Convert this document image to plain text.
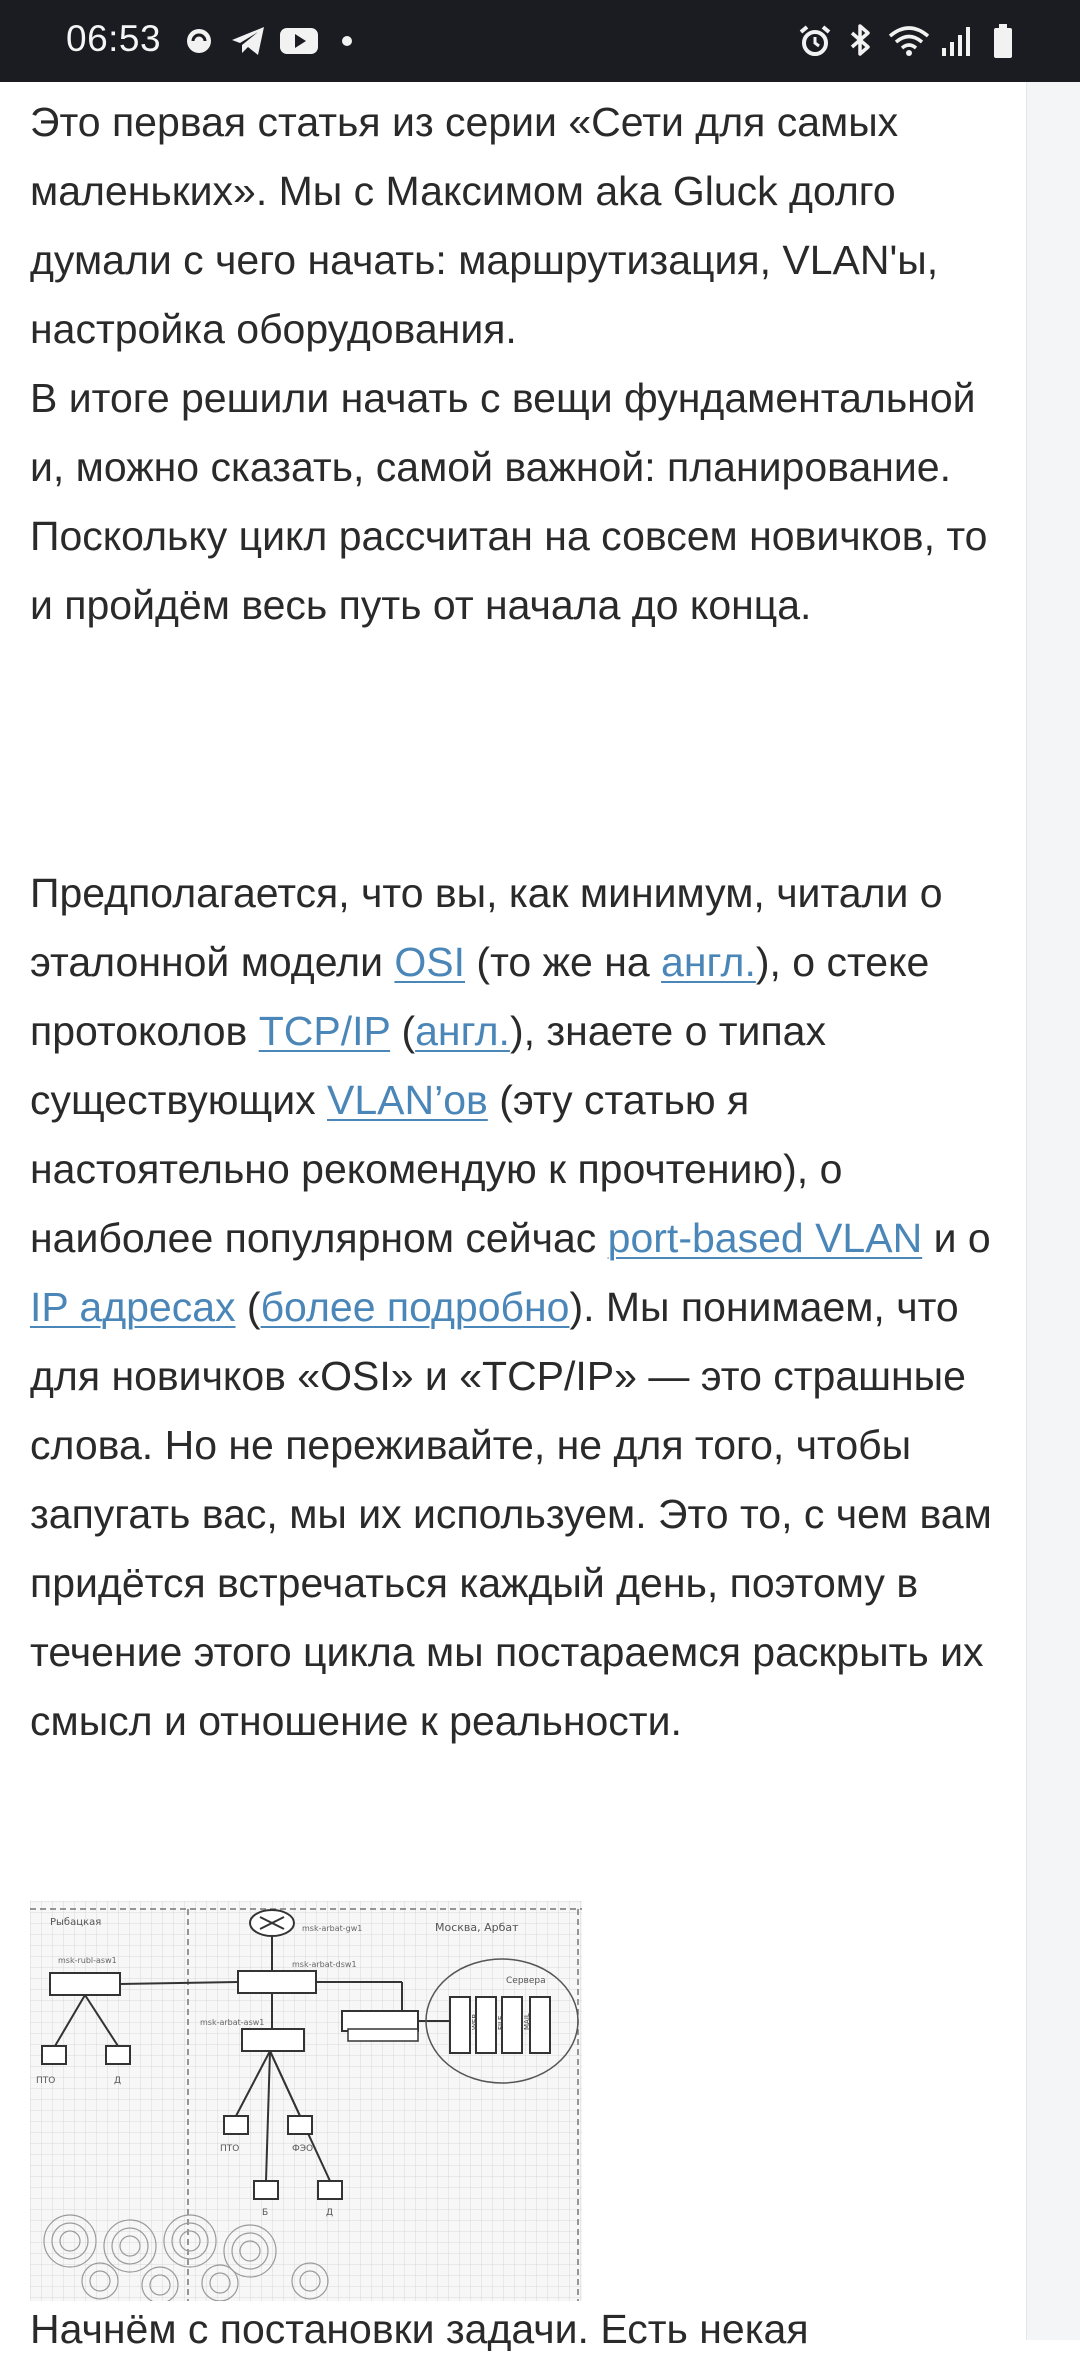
06:53
Это первая статья из серии «Сети для самых маленьких». Мы с Максимом aka Gluck долго думали с чего начать: маршрутизация, VLAN'ы, настройка оборудования.
В итоге решили начать с вещи фундаментальной и, можно сказать, самой важной: планирование. Поскольку цикл рассчитан на совсем новичков, то и пройдём весь путь от начала до конца.

Предполагается, что вы, как минимум, читали о эталонной модели OSI (то же на англ.), о стеке протоколов TCP/IP (англ.), знаете о типах существующих VLAN’ов (эту статью я настоятельно рекомендую к прочтению), о наиболее популярном сейчас port-based VLAN и о IP адресах (более подробно). Мы понимаем, что для новичков «OSI» и «TCP/IP» — это страшные слова. Но не переживайте, не для того, чтобы запугать вас, мы их используем. Это то, с чем вам придётся встречаться каждый день, поэтому в течение этого цикла мы постараемся раскрыть их смысл и отношение к реальности.

Рыбацкая	Москва, Арбат
msk-arbat-gw1
msk-arbat-dsw1
msk-rubl-asw1
ПТО	Д
msk-arbat-asw1
ПТО	ФЭО
Б	Д
Сервера
WEB	FILE	MAIL

Начнём с постановки задачи. Есть некая
